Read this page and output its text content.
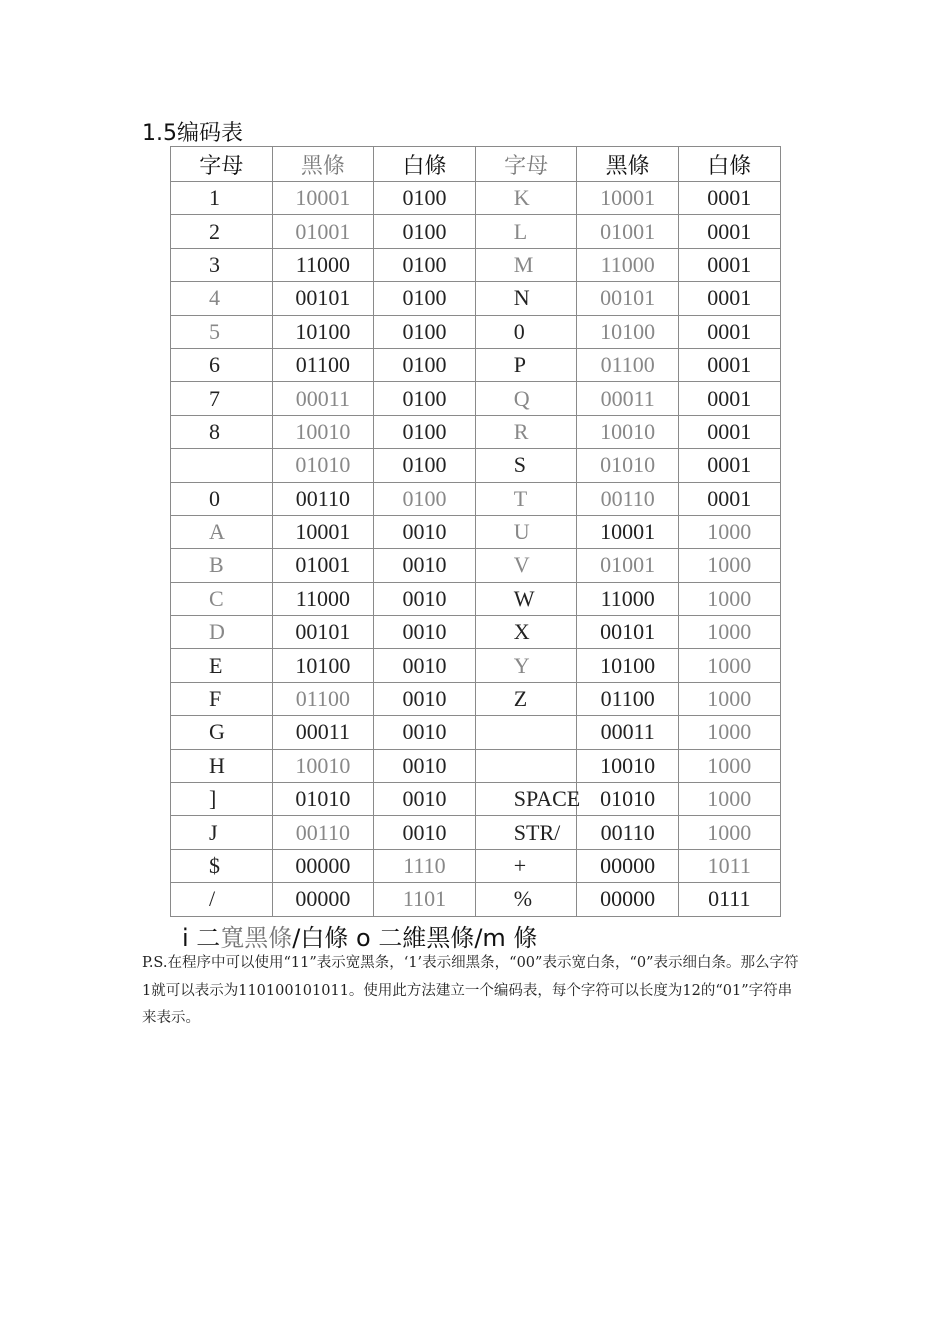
1.5编码表
字母	黑條	白條	字母	黑條	白條
1	10001	0100	K	10001	0001
2	01001	0100	L	01001	0001
3	11000	0100	M	11000	0001
4	00101	0100	N	00101	0001
5	10100	0100	0	10100	0001
6	01100	0100	P	01100	0001
7	00011	0100	Q	00011	0001
8	10010	0100	R	10010	0001
	01010	0100	S	01010	0001
0	00110	0100	T	00110	0001
A	10001	0010	U	10001	1000
B	01001	0010	V	01001	1000
C	11000	0010	W	11000	1000
D	00101	0010	X	00101	1000
E	10100	0010	Y	10100	1000
F	01100	0010	Z	01100	1000
G	00011	0010		00011	1000
H	10010	0010		10010	1000
]	01010	0010	SPACE	01010	1000
J	00110	0010	STR/	00110	1000
$	00000	1110	+	00000	1011
/	00000	1101	%	00000	0111
i 二寬黑條/白條 o 二維黑條/m 條
P.S.在程序中可以使用“11”表示宽黑条，‘1’表示细黑条，“00”表示宽白条，“0”表示细白条。那么字符1就可以表示为110100101011。使用此方法建立一个编码表，每个字符可以长度为12的“01”字符串来表示。
